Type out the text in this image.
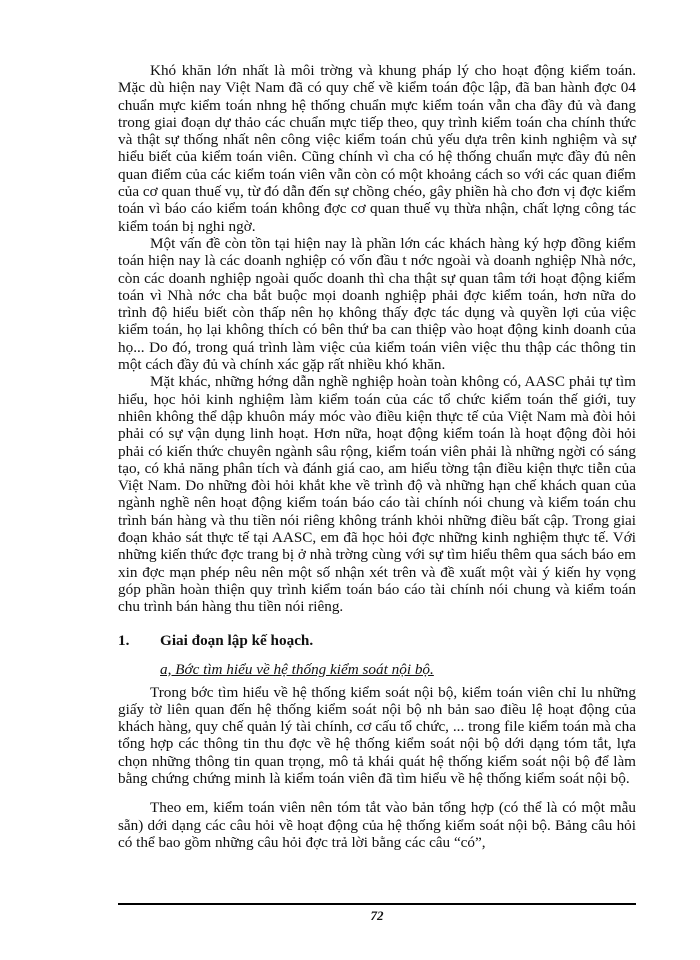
Khó khăn lớn nhất là môi trờng và khung pháp lý cho hoạt động kiểm toán. Mặc dù hiện nay Việt Nam đã có quy chế về kiểm toán độc lập, đã ban hành đợc 04 chuẩn mực kiểm toán nhng hệ thống chuẩn mực kiểm toán vẫn cha đầy đủ và đang trong giai đoạn dự thảo các chuẩn mực tiếp theo, quy trình kiểm toán cha chính thức và thật sự thống nhất nên công việc kiểm toán chủ yếu dựa trên kinh nghiệm và sự hiểu biết của kiểm toán viên. Cũng chính vì cha có hệ thống chuẩn mực đầy đủ nên quan điểm của các kiểm toán viên vẫn còn có một khoảng cách so với các quan điểm của cơ quan thuế vụ, từ đó dẫn đến sự chồng chéo, gây phiền hà cho đơn vị đợc kiểm toán vì báo cáo kiểm toán không đợc cơ quan thuế vụ thừa nhận, chất lợng công tác kiểm toán bị nghi ngờ.

Một vấn đề còn tồn tại hiện nay là phần lớn các khách hàng ký hợp đồng kiểm toán hiện nay là các doanh nghiệp có vốn đầu t nớc ngoài và doanh nghiệp Nhà nớc, còn các doanh nghiệp ngoài quốc doanh thì cha thật sự quan tâm tới hoạt động kiểm toán vì Nhà nớc cha bắt buộc mọi doanh nghiệp phải đợc kiểm toán, hơn nữa do trình độ hiểu biết còn thấp nên họ không thấy đợc tác dụng và quyền lợi của việc kiểm toán, họ lại không thích có bên thứ ba can thiệp vào hoạt động kinh doanh của họ... Do đó, trong quá trình làm việc của kiểm toán viên việc thu thập các thông tin một cách đầy đủ và chính xác gặp rất nhiều khó khăn.

Mặt khác, những hớng dẫn nghề nghiệp hoàn toàn không có, AASC phải tự tìm hiểu, học hỏi kinh nghiệm làm kiểm toán của các tổ chức kiểm toán thế giới, tuy nhiên không thể dập khuôn máy móc vào điều kiện thực tế của Việt Nam mà đòi hỏi phải có sự vận dụng linh hoạt. Hơn nữa, hoạt động kiểm toán là hoạt động đòi hỏi phải có kiến thức chuyên ngành sâu rộng, kiểm toán viên phải là những ngời có sáng tạo, có khả năng phân tích và đánh giá cao, am hiểu tờng tận điều kiện thực tiễn của Việt Nam. Do những đòi hỏi khắt khe về trình độ và những hạn chế khách quan của ngành nghề nên hoạt động kiểm toán báo cáo tài chính nói chung và kiểm toán chu trình bán hàng và thu tiền nói riêng không tránh khỏi những điều bất cập. Trong giai đoạn khảo sát thực tế tại AASC, em đã học hỏi đợc những kinh nghiệm thực tế. Với những kiến thức đợc trang bị ở nhà trờng cùng với sự tìm hiểu thêm qua sách báo em xin đợc mạn phép nêu nên một số nhận xét trên và đề xuất một vài ý kiến hy vọng góp phần hoàn thiện quy trình kiểm toán báo cáo tài chính nói chung và kiểm toán chu trình bán hàng thu tiền nói riêng.

1.	Giai đoạn lập kế hoạch.

a, Bớc tìm hiểu về hệ thống kiểm soát nội bộ.

Trong bớc tìm hiểu về hệ thống kiểm soát nội bộ, kiểm toán viên chỉ lu những giấy tờ liên quan đến hệ thống kiểm soát nội bộ nh bản sao điều lệ hoạt động của khách hàng, quy chế quản lý tài chính, cơ cấu tổ chức, ... trong file kiểm toán mà cha tổng hợp các thông tin thu đợc về hệ thống kiểm soát nội bộ dới dạng tóm tắt, lựa chọn những thông tin quan trọng, mô tả khái quát hệ thống kiểm soát nội bộ để làm bằng chứng chứng minh là kiểm toán viên đã tìm hiểu về hệ thống kiểm soát nội bộ.

Theo em, kiểm toán viên nên tóm tắt vào bản tổng hợp (có thể là có một mẫu sẵn) dới dạng các câu hỏi về hoạt động của hệ thống kiểm soát nội bộ. Bảng câu hỏi có thể bao gồm những câu hỏi đợc trả lời bằng các câu “có”,

72
